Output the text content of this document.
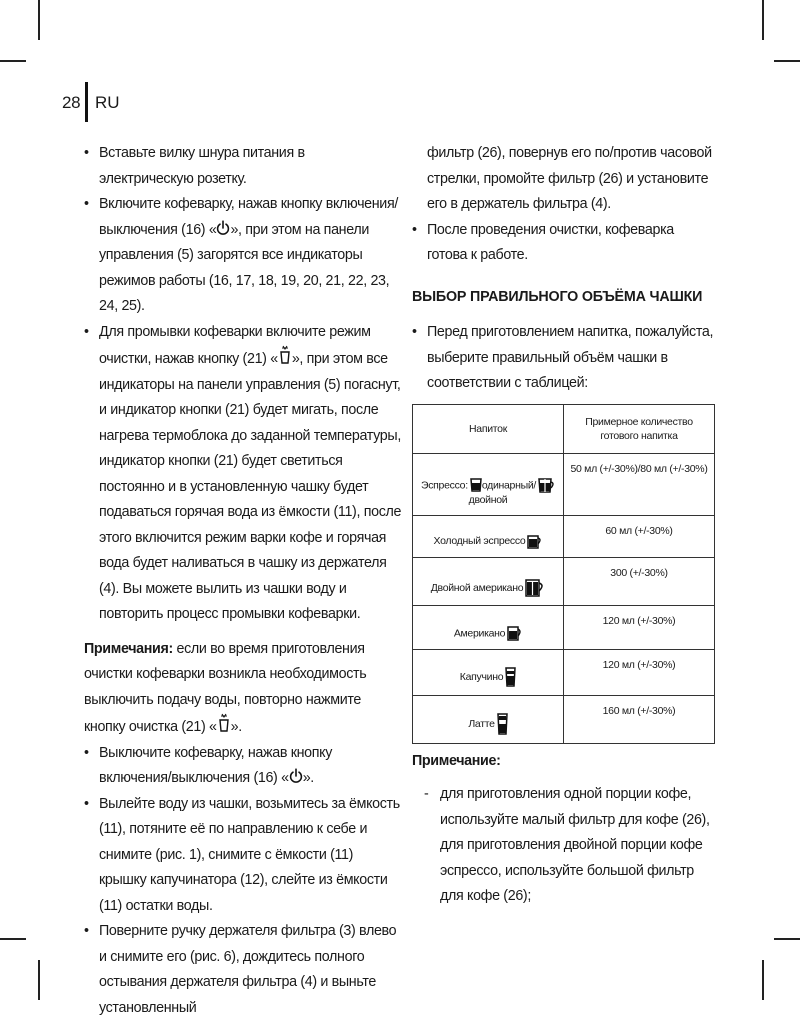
28 RU
• Вставьте вилку шнура питания в электрическую розетку.
• Включите кофеварку, нажав кнопку включения/выключения (16) « », при этом на панели управления (5) загорятся все индикаторы режимов работы (16, 17, 18, 19, 20, 21, 22, 23, 24, 25).
• Для промывки кофеварки включите режим очистки, нажав кнопку (21) « », при этом все индикаторы на панели управления (5) погаснут, и индикатор кнопки (21) будет мигать, после нагрева термоблока до заданной температуры, индикатор кнопки (21) будет светиться постоянно и в установленную чашку будет подаваться горячая вода из ёмкости (11), после этого включится режим варки кофе и горячая вода будет наливаться в чашку из держателя (4). Вы можете вылить из чашки воду и повторить процесс промывки кофеварки.
Примечания: если во время приготовления очистки кофеварки возникла необходимость выключить подачу воды, повторно нажмите кнопку очистка (21) « ».
• Выключите кофеварку, нажав кнопку включения/выключения (16) « ».
• Вылейте воду из чашки, возьмитесь за ёмкость (11), потяните её по направлению к себе и снимите (рис. 1), снимите с ёмкости (11) крышку капучинатора (12), слейте из ёмкости (11) остатки воды.
• Поверните ручку держателя фильтра (3) влево и снимите его (рис. 6), дождитесь полного остывания держателя фильтра (4) и выньте установленный
фильтр (26), повернув его по/против часовой стрелки, промойте фильтр (26) и установите его в держатель фильтра (4).
• После проведения очистки, кофеварка готова к работе.
ВЫБОР ПРАВИЛЬНОГО ОБЪЁМА ЧАШКИ
• Перед приготовлением напитка, пожалуйста, выберите правильный объём чашки в соответствии с таблицей:
Напиток	Примерное количество готового напитка
Эспрессо: одинарный/
двойной	50 мл (+/-30%)/80 мл (+/-30%)
Холодный эспрессо	60 мл (+/-30%)
Двойной американо	300 (+/-30%)
Американо	120 мл (+/-30%)
Капучино	120 мл (+/-30%)
Латте	160 мл (+/-30%)
Примечание:
- для приготовления одной порции кофе, используйте малый фильтр для кофе (26), для приготовления двойной порции кофе эспрессо, используйте большой фильтр для кофе (26);
